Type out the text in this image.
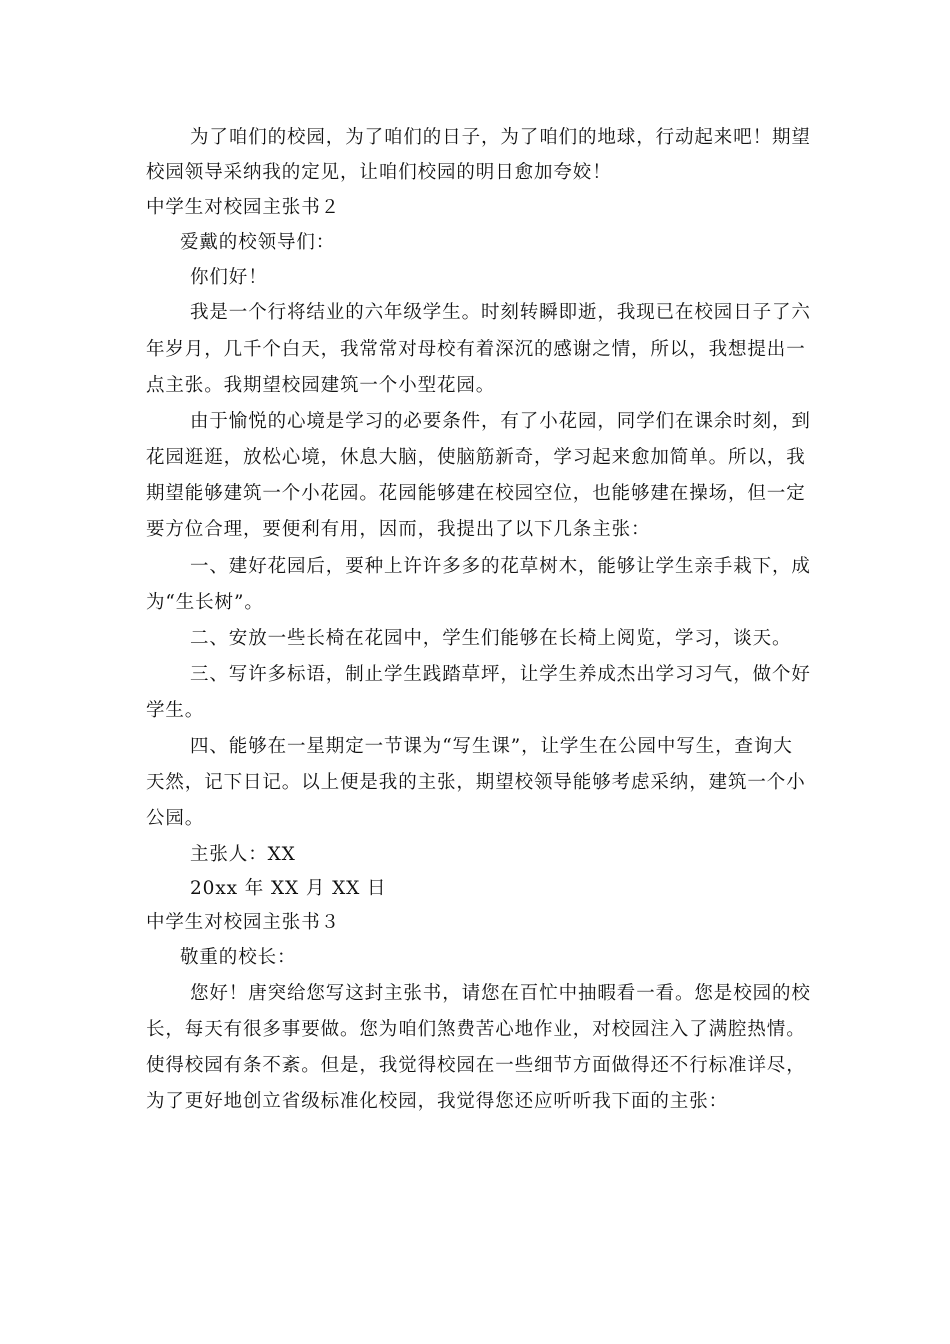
为了咱们的校园，为了咱们的日子，为了咱们的地球，行动起来吧！期望
校园领导采纳我的定见，让咱们校园的明日愈加夸姣！
中学生对校园主张书２
爱戴的校领导们：
你们好！
我是一个行将结业的六年级学生。时刻转瞬即逝，我现已在校园日子了六
年岁月，几千个白天，我常常对母校有着深沉的感谢之情，所以，我想提出一
点主张。我期望校园建筑一个小型花园。
由于愉悦的心境是学习的必要条件，有了小花园，同学们在课余时刻，到
花园逛逛，放松心境，休息大脑，使脑筋新奇，学习起来愈加简单。所以，我
期望能够建筑一个小花园。花园能够建在校园空位，也能够建在操场，但一定
要方位合理，要便利有用，因而，我提出了以下几条主张：
一、建好花园后，要种上许许多多的花草树木，能够让学生亲手栽下，成
为“生长树”。
二、安放一些长椅在花园中，学生们能够在长椅上阅览，学习，谈天。
三、写许多标语，制止学生践踏草坪，让学生养成杰出学习习气，做个好
学生。
四、能够在一星期定一节课为“写生课”，让学生在公园中写生，查询大
天然，记下日记。以上便是我的主张，期望校领导能够考虑采纳，建筑一个小
公园。
主张人：XX
20xx 年 XX 月 XX 日
中学生对校园主张书３
敬重的校长：
您好！唐突给您写这封主张书，请您在百忙中抽暇看一看。您是校园的校
长，每天有很多事要做。您为咱们煞费苦心地作业，对校园注入了满腔热情。
使得校园有条不紊。但是，我觉得校园在一些细节方面做得还不行标准详尽，
为了更好地创立省级标准化校园，我觉得您还应听听我下面的主张：
